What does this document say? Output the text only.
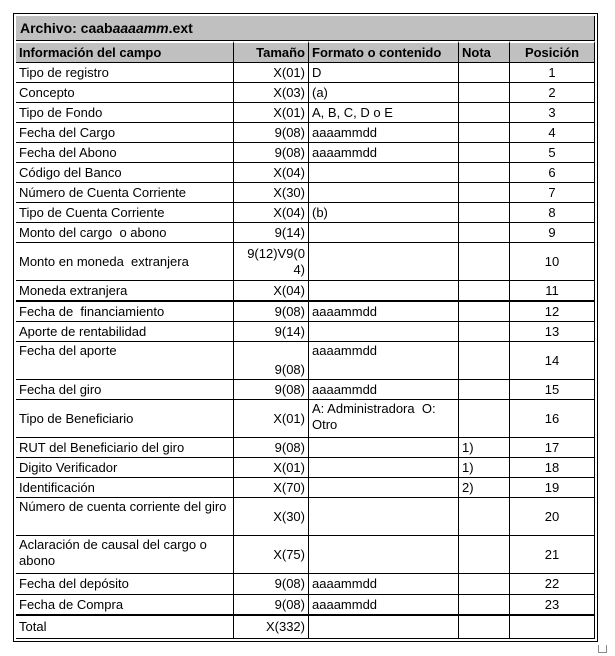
Archivo: caabaaaamm.ext				
Información del campo	Tamaño	Formato o contenido	Nota	Posición
Tipo de registro	X(01)	D		1
Concepto	X(03)	(a)		2
Tipo de Fondo	X(01)	A, B, C, D o E		3
Fecha del Cargo	9(08)	aaaammdd		4
Fecha del Abono	9(08)	aaaammdd		5
Código del Banco	X(04)			6
Número de Cuenta Corriente	X(30)			7
Tipo de Cuenta Corriente	X(04)	(b)		8
Monto del cargo  o abono	9(14)			9
Monto en moneda  extranjera	9(12)V9(04)			10
Moneda extranjera	X(04)			11
Fecha de  financiamiento	9(08)	aaaammdd		12
Aporte de rentabilidad	9(14)			13
Fecha del aporte	9(08)	aaaammdd		14
Fecha del giro	9(08)	aaaammdd		15
Tipo de Beneficiario	X(01)	A: Administradora  O: Otro		16
RUT del Beneficiario del giro	9(08)		1)	17
Digito Verificador	X(01)		1)	18
Identificación	X(70)		2)	19
Número de cuenta corriente del giro	X(30)			20
Aclaración de causal del cargo o abono	X(75)			21
Fecha del depósito	9(08)	aaaammdd		22
Fecha de Compra	9(08)	aaaammdd		23
Total	X(332)			
